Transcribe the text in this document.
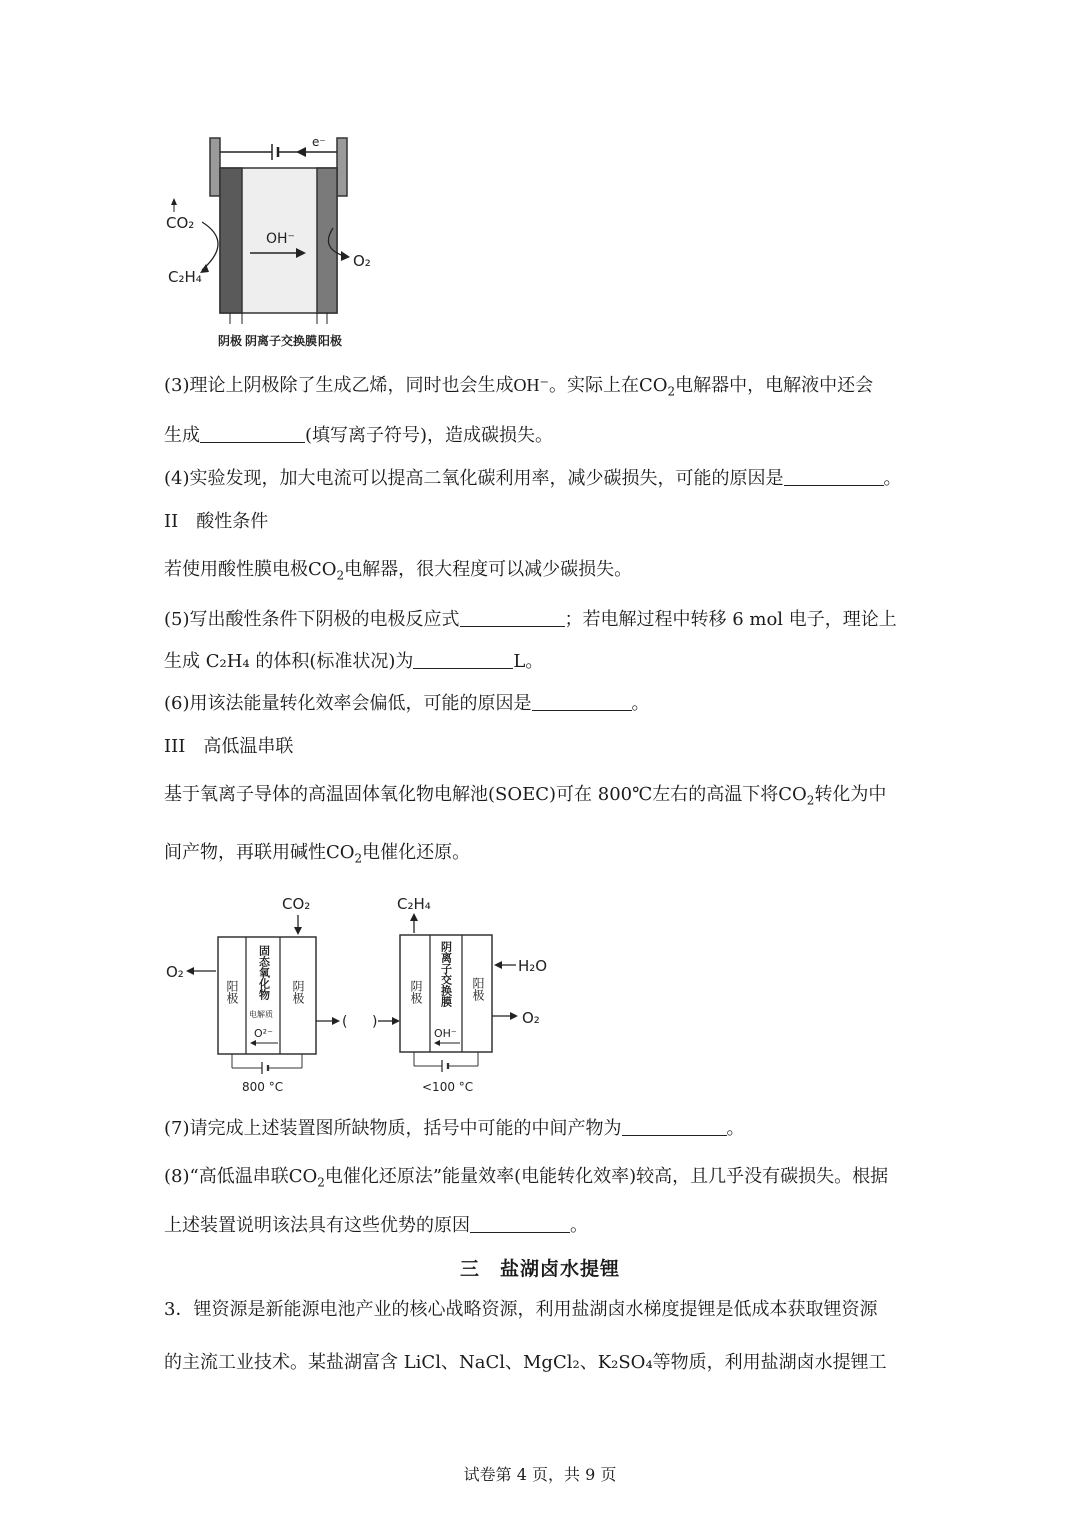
e⁻
OH⁻
CO₂
C₂H₄
O₂
阴极 阴离子交换膜 阳极
(3)理论上阴极除了生成乙烯，同时也会生成OH⁻。实际上在$CO_2$电解器中，电解液中还会
生成	(填写离子符号)，造成碳损失。
(4)实验发现，加大电流可以提高二氧化碳利用率，减少碳损失，可能的原因是	。
II　酸性条件
若使用酸性膜电极$CO_2$电解器，很大程度可以减少碳损失。
(5)写出酸性条件下阴极的电极反应式	；若电解过程中转移 6 mol 电子，理论上
生成 C₂H₄ 的体积(标准状况)为	L。
(6)用该法能量转化效率会偏低，可能的原因是	。
III　高低温串联
基于氧离子导体的高温固体氧化物电解池(SOEC)可在 800℃左右的高温下将$CO_2$转化为中
间产物，再联用碱性$CO_2$电催化还原。
CO₂
阳极 固态氧化物
电解质
O²⁻
阴极
O₂
(
800 °C
)
C₂H₄
阴极 阴离子交换膜
OH⁻
阳极
H₂O
O₂
<100 °C
(7)请完成上述装置图所缺物质，括号中可能的中间产物为	。
(8)“高低温串联$CO_2$电催化还原法”能量效率(电能转化效率)较高，且几乎没有碳损失。根据
上述装置说明该法具有这些优势的原因	。
三　盐湖卤水提锂
3．锂资源是新能源电池产业的核心战略资源，利用盐湖卤水梯度提锂是低成本获取锂资源
的主流工业技术。某盐湖富含 LiCl、NaCl、MgCl₂、K₂SO₄等物质，利用盐湖卤水提锂工
试卷第 4 页，共 9 页
